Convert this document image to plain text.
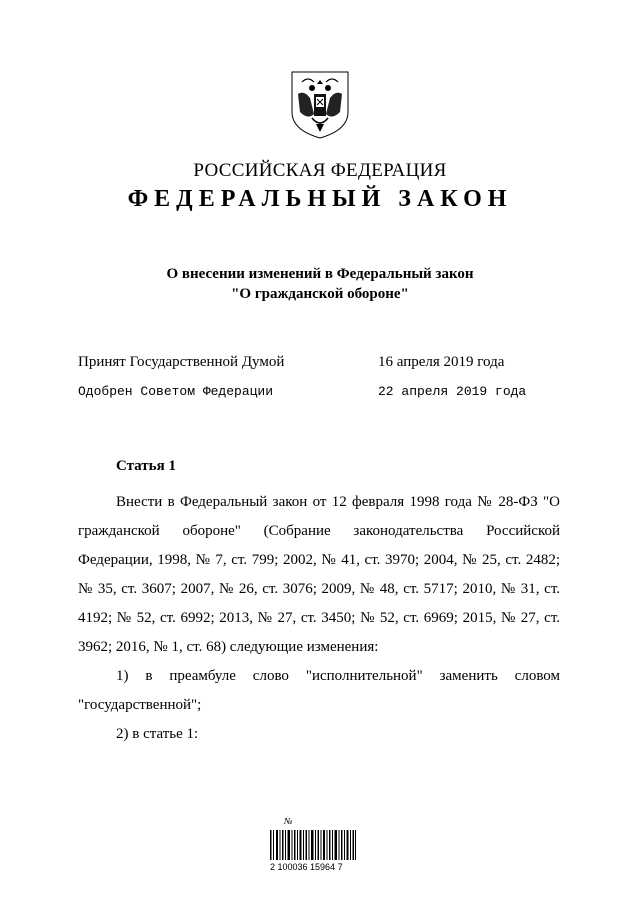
РОССИЙСКАЯ ФЕДЕРАЦИЯ
ФЕДЕРАЛЬНЫЙ ЗАКОН
О внесении изменений в Федеральный закон
"О гражданской обороне"
Принят Государственной Думой	16 апреля 2019 года
Одобрен Советом Федерации	22 апреля 2019 года
Статья 1

Внести в Федеральный закон от 12 февраля 1998 года № 28-ФЗ "О гражданской обороне" (Собрание законодательства Российской Федерации, 1998, № 7, ст. 799; 2002, № 41, ст. 3970; 2004, № 25, ст. 2482; № 35, ст. 3607; 2007, № 26, ст. 3076; 2009, № 48, ст. 5717; 2010, № 31, ст. 4192; № 52, ст. 6992; 2013, № 27, ст. 3450; № 52, ст. 6969; 2015, № 27, ст. 3962; 2016, № 1, ст. 68) следующие изменения:

1) в преамбуле слово "исполнительной" заменить словом "государственной";

2) в статье 1:

№
2 100036 15964 7
